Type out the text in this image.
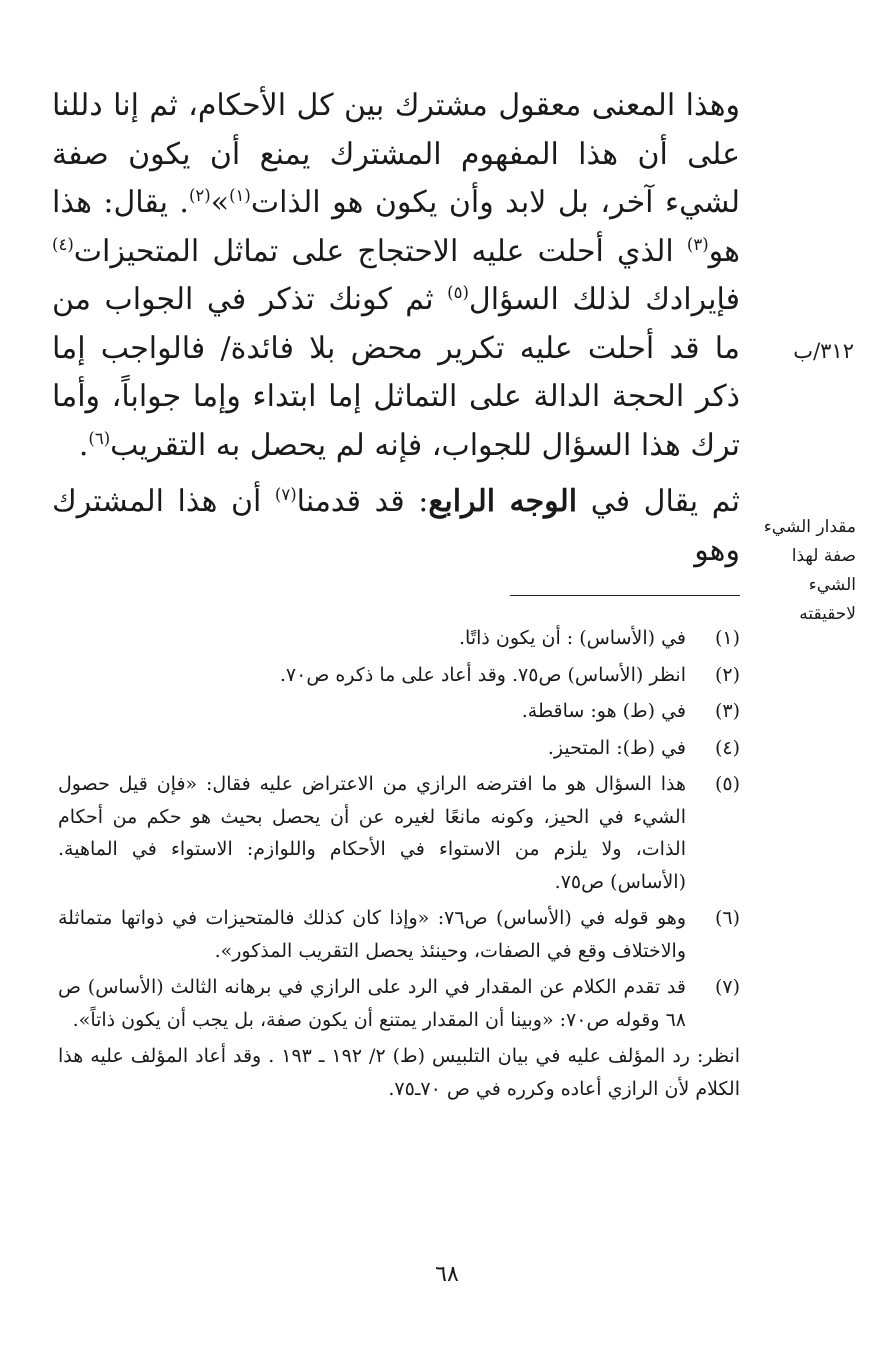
وهذا المعنى معقول مشترك بين كل الأحكام، ثم إنا دللنا على أن هذا المفهوم المشترك يمنع أن يكون صفة لشيء آخر، بل لابد وأن يكون هو الذات$^{(١)}$»$^{(٢)}$. يقال: هذا هو$^{(٣)}$ الذي أحلت عليه الاحتجاج على تماثل المتحيزات$^{(٤)}$ فإيرادك لذلك السؤال$^{(٥)}$ ثم كونك تذكر في الجواب من ما قد أحلت عليه تكرير محض بلا فائدة/ فالواجب إما ذكر الحجة الدالة على التماثل إما ابتداء وإما جواباً، وأما ترك هذا السؤال للجواب، فإنه لم يحصل به التقريب$^{(٦)}$.

ثم يقال في الوجه الرابع: قد قدمنا$^{(٧)}$ أن هذا المشترك وهو

٣١٢/ب
مقدار الشيء
صفة لهذا
الشيء
لاحقيقته
(١)
في (الأساس) : أن يكون ذاتًا.
(٢)
انظر (الأساس) ص٧٥. وقد أعاد على ما ذكره ص٧٠.
(٣)
في (ط) هو: ساقطة.
(٤)
في (ط): المتحيز.
(٥)
هذا السؤال هو ما افترضه الرازي من الاعتراض عليه فقال: «فإن قيل حصول الشيء في الحيز، وكونه مانعًا لغيره عن أن يحصل بحيث هو حكم من أحكام الذات، ولا يلزم من الاستواء في الأحكام واللوازم: الاستواء في الماهية. (الأساس) ص٧٥.
(٦)
وهو قوله في (الأساس) ص٧٦: «وإذا كان كذلك فالمتحيزات في ذواتها متماثلة والاختلاف وقع في الصفات، وحينئذ يحصل التقريب المذكور».
(٧)
قد تقدم الكلام عن المقدار في الرد على الرازي في برهانه الثالث (الأساس) ص ٦٨ وقوله ص٧٠: «وبينا أن المقدار يمتنع أن يكون صفة، بل يجب أن يكون ذاتاً».
انظر: رد المؤلف عليه في بيان التلبيس (ط) ٢/ ١٩٢ ـ ١٩٣ . وقد أعاد المؤلف عليه هذا الكلام لأن الرازي أعاده وكرره في ص ٧٠ـ٧٥.
٦٨
